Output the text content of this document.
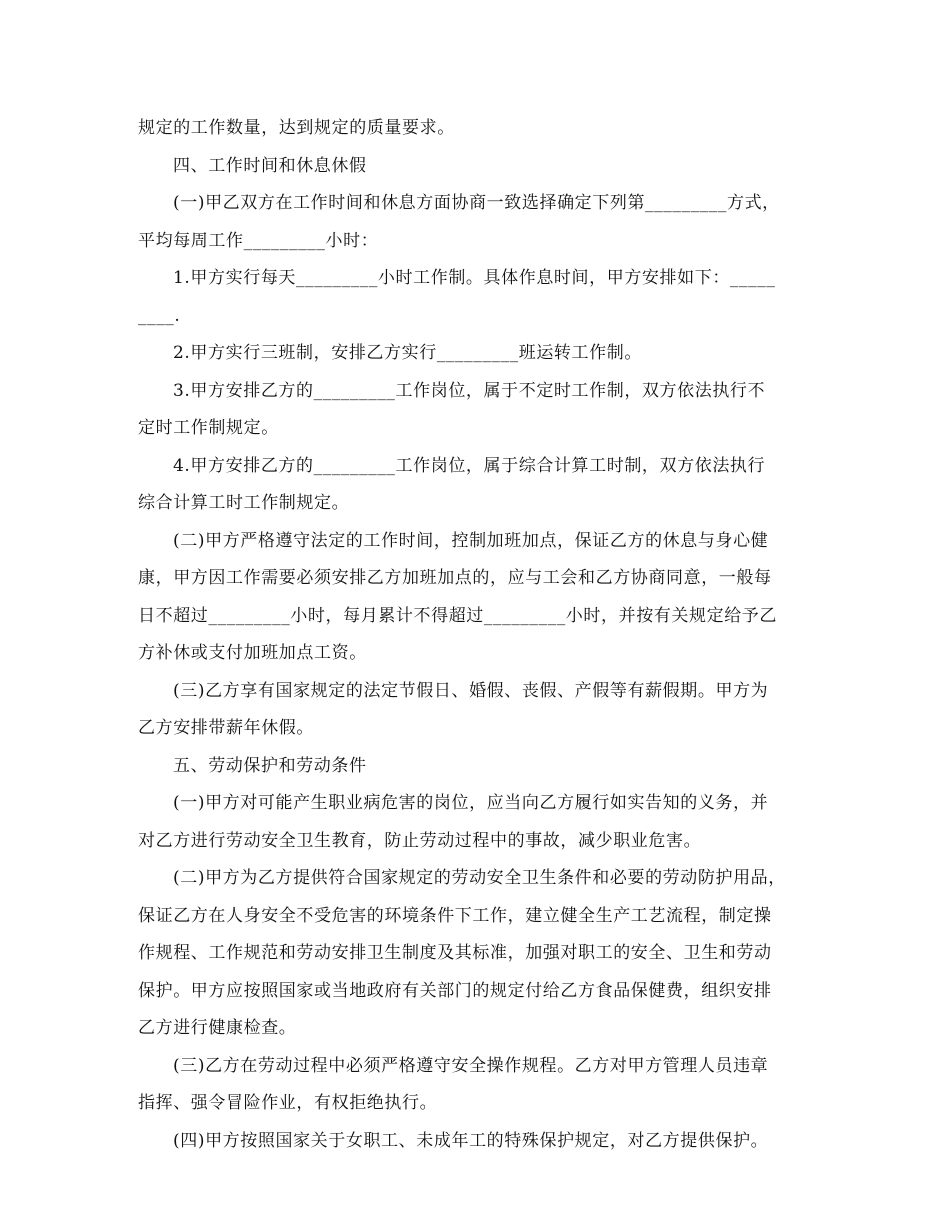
规定的工作数量，达到规定的质量要求。
四、工作时间和休息休假
(一)甲乙双方在工作时间和休息方面协商一致选择确定下列第_________方式，
平均每周工作_________小时：
1.甲方实行每天_________小时工作制。具体作息时间，甲方安排如下：_____
____.
2.甲方实行三班制，安排乙方实行_________班运转工作制。
3.甲方安排乙方的_________工作岗位，属于不定时工作制，双方依法执行不
定时工作制规定。
4.甲方安排乙方的_________工作岗位，属于综合计算工时制，双方依法执行
综合计算工时工作制规定。
(二)甲方严格遵守法定的工作时间，控制加班加点，保证乙方的休息与身心健
康，甲方因工作需要必须安排乙方加班加点的，应与工会和乙方协商同意，一般每
日不超过_________小时，每月累计不得超过_________小时，并按有关规定给予乙
方补休或支付加班加点工资。
(三)乙方享有国家规定的法定节假日、婚假、丧假、产假等有薪假期。甲方为
乙方安排带薪年休假。
五、劳动保护和劳动条件
(一)甲方对可能产生职业病危害的岗位，应当向乙方履行如实告知的义务，并
对乙方进行劳动安全卫生教育，防止劳动过程中的事故，减少职业危害。
(二)甲方为乙方提供符合国家规定的劳动安全卫生条件和必要的劳动防护用品，
保证乙方在人身安全不受危害的环境条件下工作，建立健全生产工艺流程，制定操
作规程、工作规范和劳动安排卫生制度及其标准，加强对职工的安全、卫生和劳动
保护。甲方应按照国家或当地政府有关部门的规定付给乙方食品保健费，组织安排
乙方进行健康检查。
(三)乙方在劳动过程中必须严格遵守安全操作规程。乙方对甲方管理人员违章
指挥、强令冒险作业，有权拒绝执行。
(四)甲方按照国家关于女职工、未成年工的特殊保护规定，对乙方提供保护。
